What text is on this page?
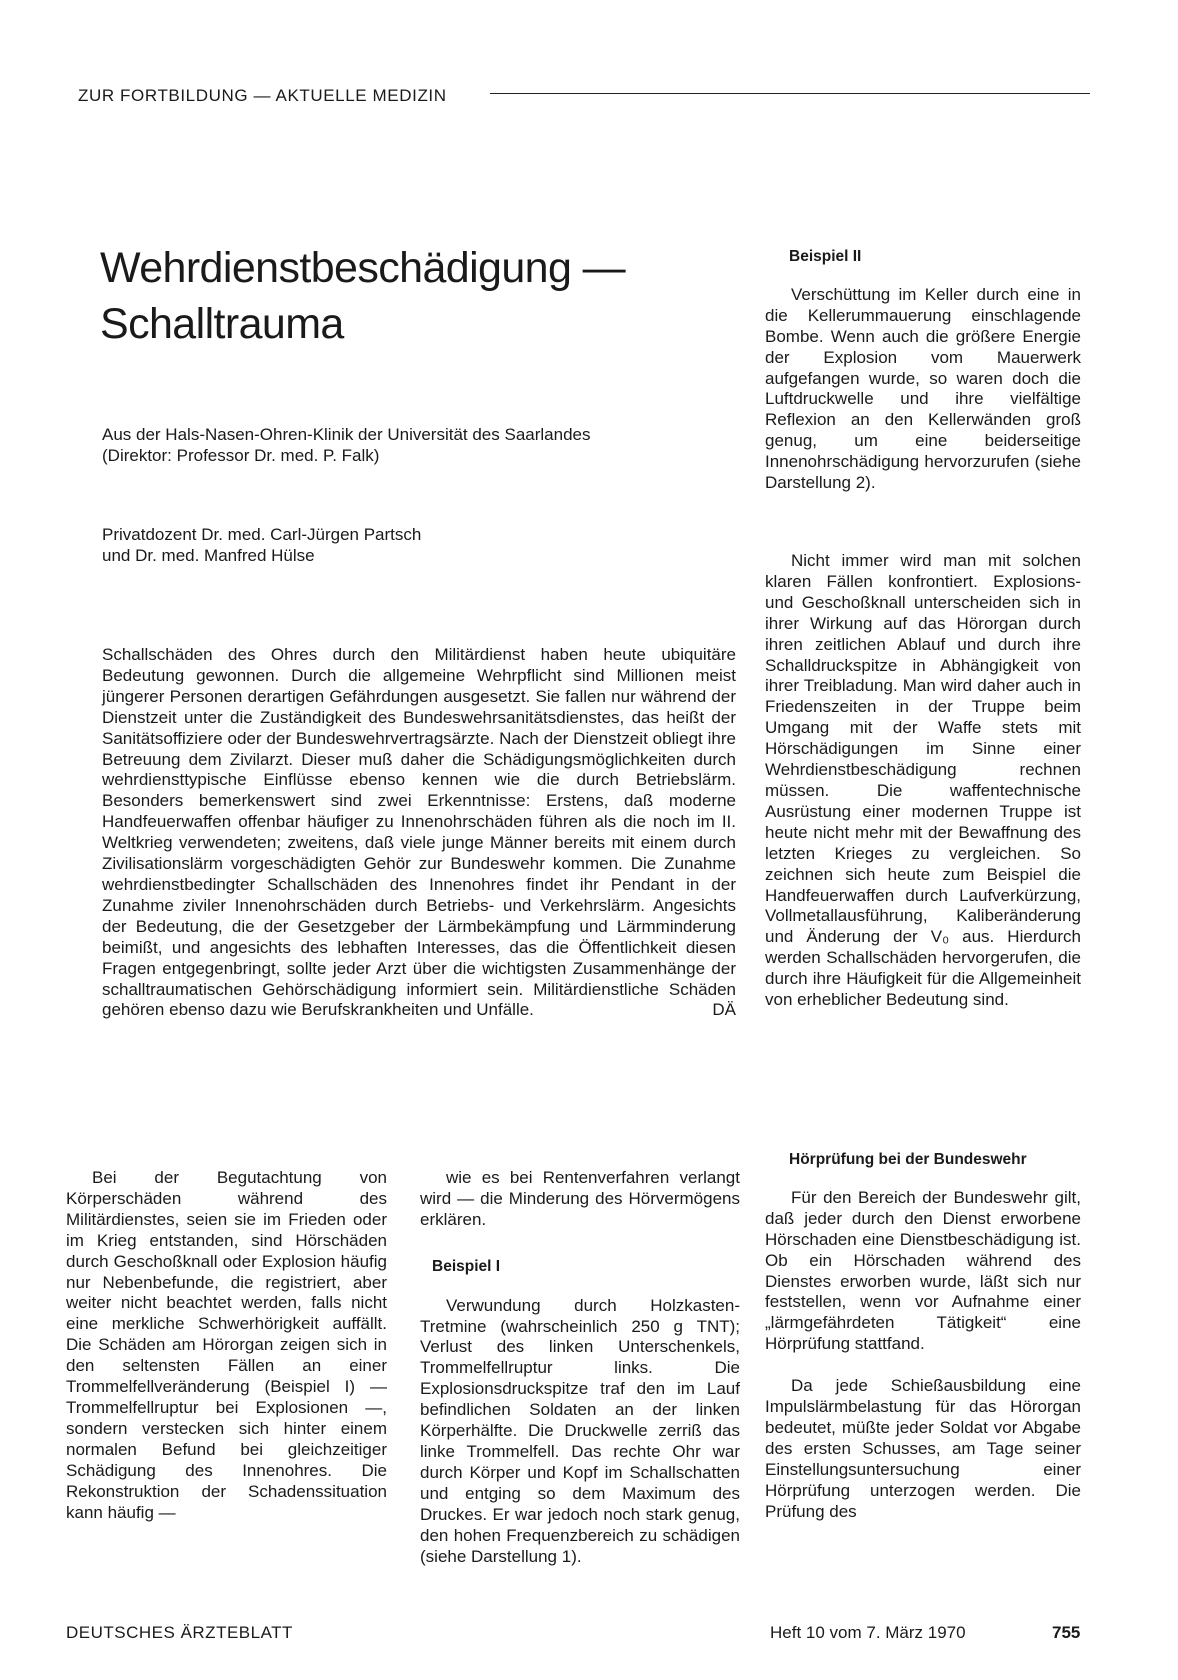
ZUR FORTBILDUNG — AKTUELLE MEDIZIN
Wehrdienstbeschädigung —
Schalltrauma
Aus der Hals-Nasen-Ohren-Klinik der Universität des Saarlandes
(Direktor: Professor Dr. med. P. Falk)
Privatdozent Dr. med. Carl-Jürgen Partsch
und Dr. med. Manfred Hülse

Schallschäden des Ohres durch den Militärdienst haben heute ubiquitäre Bedeutung gewonnen. Durch die allgemeine Wehrpflicht sind Millionen meist jüngerer Personen derartigen Gefährdungen ausgesetzt. Sie fallen nur während der Dienstzeit unter die Zuständigkeit des Bundeswehrsanitätsdienstes, das heißt der Sanitätsoffiziere oder der Bundeswehrvertragsärzte. Nach der Dienstzeit obliegt ihre Betreuung dem Zivilarzt. Dieser muß daher die Schädigungsmöglichkeiten durch wehrdiensttypische Einflüsse ebenso kennen wie die durch Betriebslärm. Besonders bemerkenswert sind zwei Erkenntnisse: Erstens, daß moderne Handfeuerwaffen offenbar häufiger zu Innenohrschäden führen als die noch im II. Weltkrieg verwendeten; zweitens, daß viele junge Männer bereits mit einem durch Zivilisationslärm vorgeschädigten Gehör zur Bundeswehr kommen. Die Zunahme wehrdienstbedingter Schallschäden des Innenohres findet ihr Pendant in der Zunahme ziviler Innenohrschäden durch Betriebs- und Verkehrslärm. Angesichts der Bedeutung, die der Gesetzgeber der Lärmbekämpfung und Lärmminderung beimißt, und angesichts des lebhaften Interesses, das die Öffentlichkeit diesen Fragen entgegenbringt, sollte jeder Arzt über die wichtigsten Zusammenhänge der schalltraumatischen Gehörschädigung informiert sein. Militärdienstliche Schäden gehören ebenso dazu wie Berufskrankheiten und Unfälle.	DÄ

Bei der Begutachtung von Körperschäden während des Militärdienstes, seien sie im Frieden oder im Krieg entstanden, sind Hörschäden durch Geschoßknall oder Explosion häufig nur Nebenbefunde, die registriert, aber weiter nicht beachtet werden, falls nicht eine merkliche Schwerhörigkeit auffällt. Die Schäden am Hörorgan zeigen sich in den seltensten Fällen an einer Trommelfellveränderung (Beispiel I) — Trommelfellruptur bei Explosionen —, sondern verstecken sich hinter einem normalen Befund bei gleichzeitiger Schädigung des Innenohres. Die Rekonstruktion der Schadenssituation kann häufig —

wie es bei Rentenverfahren verlangt wird — die Minderung des Hörvermögens erklären.

Beispiel I

Verwundung durch Holzkasten-Tretmine (wahrscheinlich 250 g TNT); Verlust des linken Unterschenkels, Trommelfellruptur links. Die Explosionsdruckspitze traf den im Lauf befindlichen Soldaten an der linken Körperhälfte. Die Druckwelle zerriß das linke Trommelfell. Das rechte Ohr war durch Körper und Kopf im Schallschatten und entging so dem Maximum des Druckes. Er war jedoch noch stark genug, den hohen Frequenzbereich zu schädigen (siehe Darstellung 1).

Beispiel II

Verschüttung im Keller durch eine in die Kellerummauerung einschlagende Bombe. Wenn auch die größere Energie der Explosion vom Mauerwerk aufgefangen wurde, so waren doch die Luftdruckwelle und ihre vielfältige Reflexion an den Kellerwänden groß genug, um eine beiderseitige Innenohrschädigung hervorzurufen (siehe Darstellung 2).

Nicht immer wird man mit solchen klaren Fällen konfrontiert. Explosions- und Geschoßknall unterscheiden sich in ihrer Wirkung auf das Hörorgan durch ihren zeitlichen Ablauf und durch ihre Schalldruckspitze in Abhängigkeit von ihrer Treibladung. Man wird daher auch in Friedenszeiten in der Truppe beim Umgang mit der Waffe stets mit Hörschädigungen im Sinne einer Wehrdienstbeschädigung rechnen müssen. Die waffentechnische Ausrüstung einer modernen Truppe ist heute nicht mehr mit der Bewaffnung des letzten Krieges zu vergleichen. So zeichnen sich heute zum Beispiel die Handfeuerwaffen durch Laufverkürzung, Vollmetallausführung, Kaliberänderung und Änderung der V₀ aus. Hierdurch werden Schallschäden hervorgerufen, die durch ihre Häufigkeit für die Allgemeinheit von erheblicher Bedeutung sind.

Hörprüfung bei der Bundeswehr

Für den Bereich der Bundeswehr gilt, daß jeder durch den Dienst erworbene Hörschaden eine Dienstbeschädigung ist. Ob ein Hörschaden während des Dienstes erworben wurde, läßt sich nur feststellen, wenn vor Aufnahme einer „lärmgefährdeten Tätigkeit“ eine Hörprüfung stattfand.

Da jede Schießausbildung eine Impulslärmbelastung für das Hörorgan bedeutet, müßte jeder Soldat vor Abgabe des ersten Schusses, am Tage seiner Einstellungsuntersuchung einer Hörprüfung unterzogen werden. Die Prüfung des

DEUTSCHES ÄRZTEBLATT	Heft 10 vom 7. März 1970	755
